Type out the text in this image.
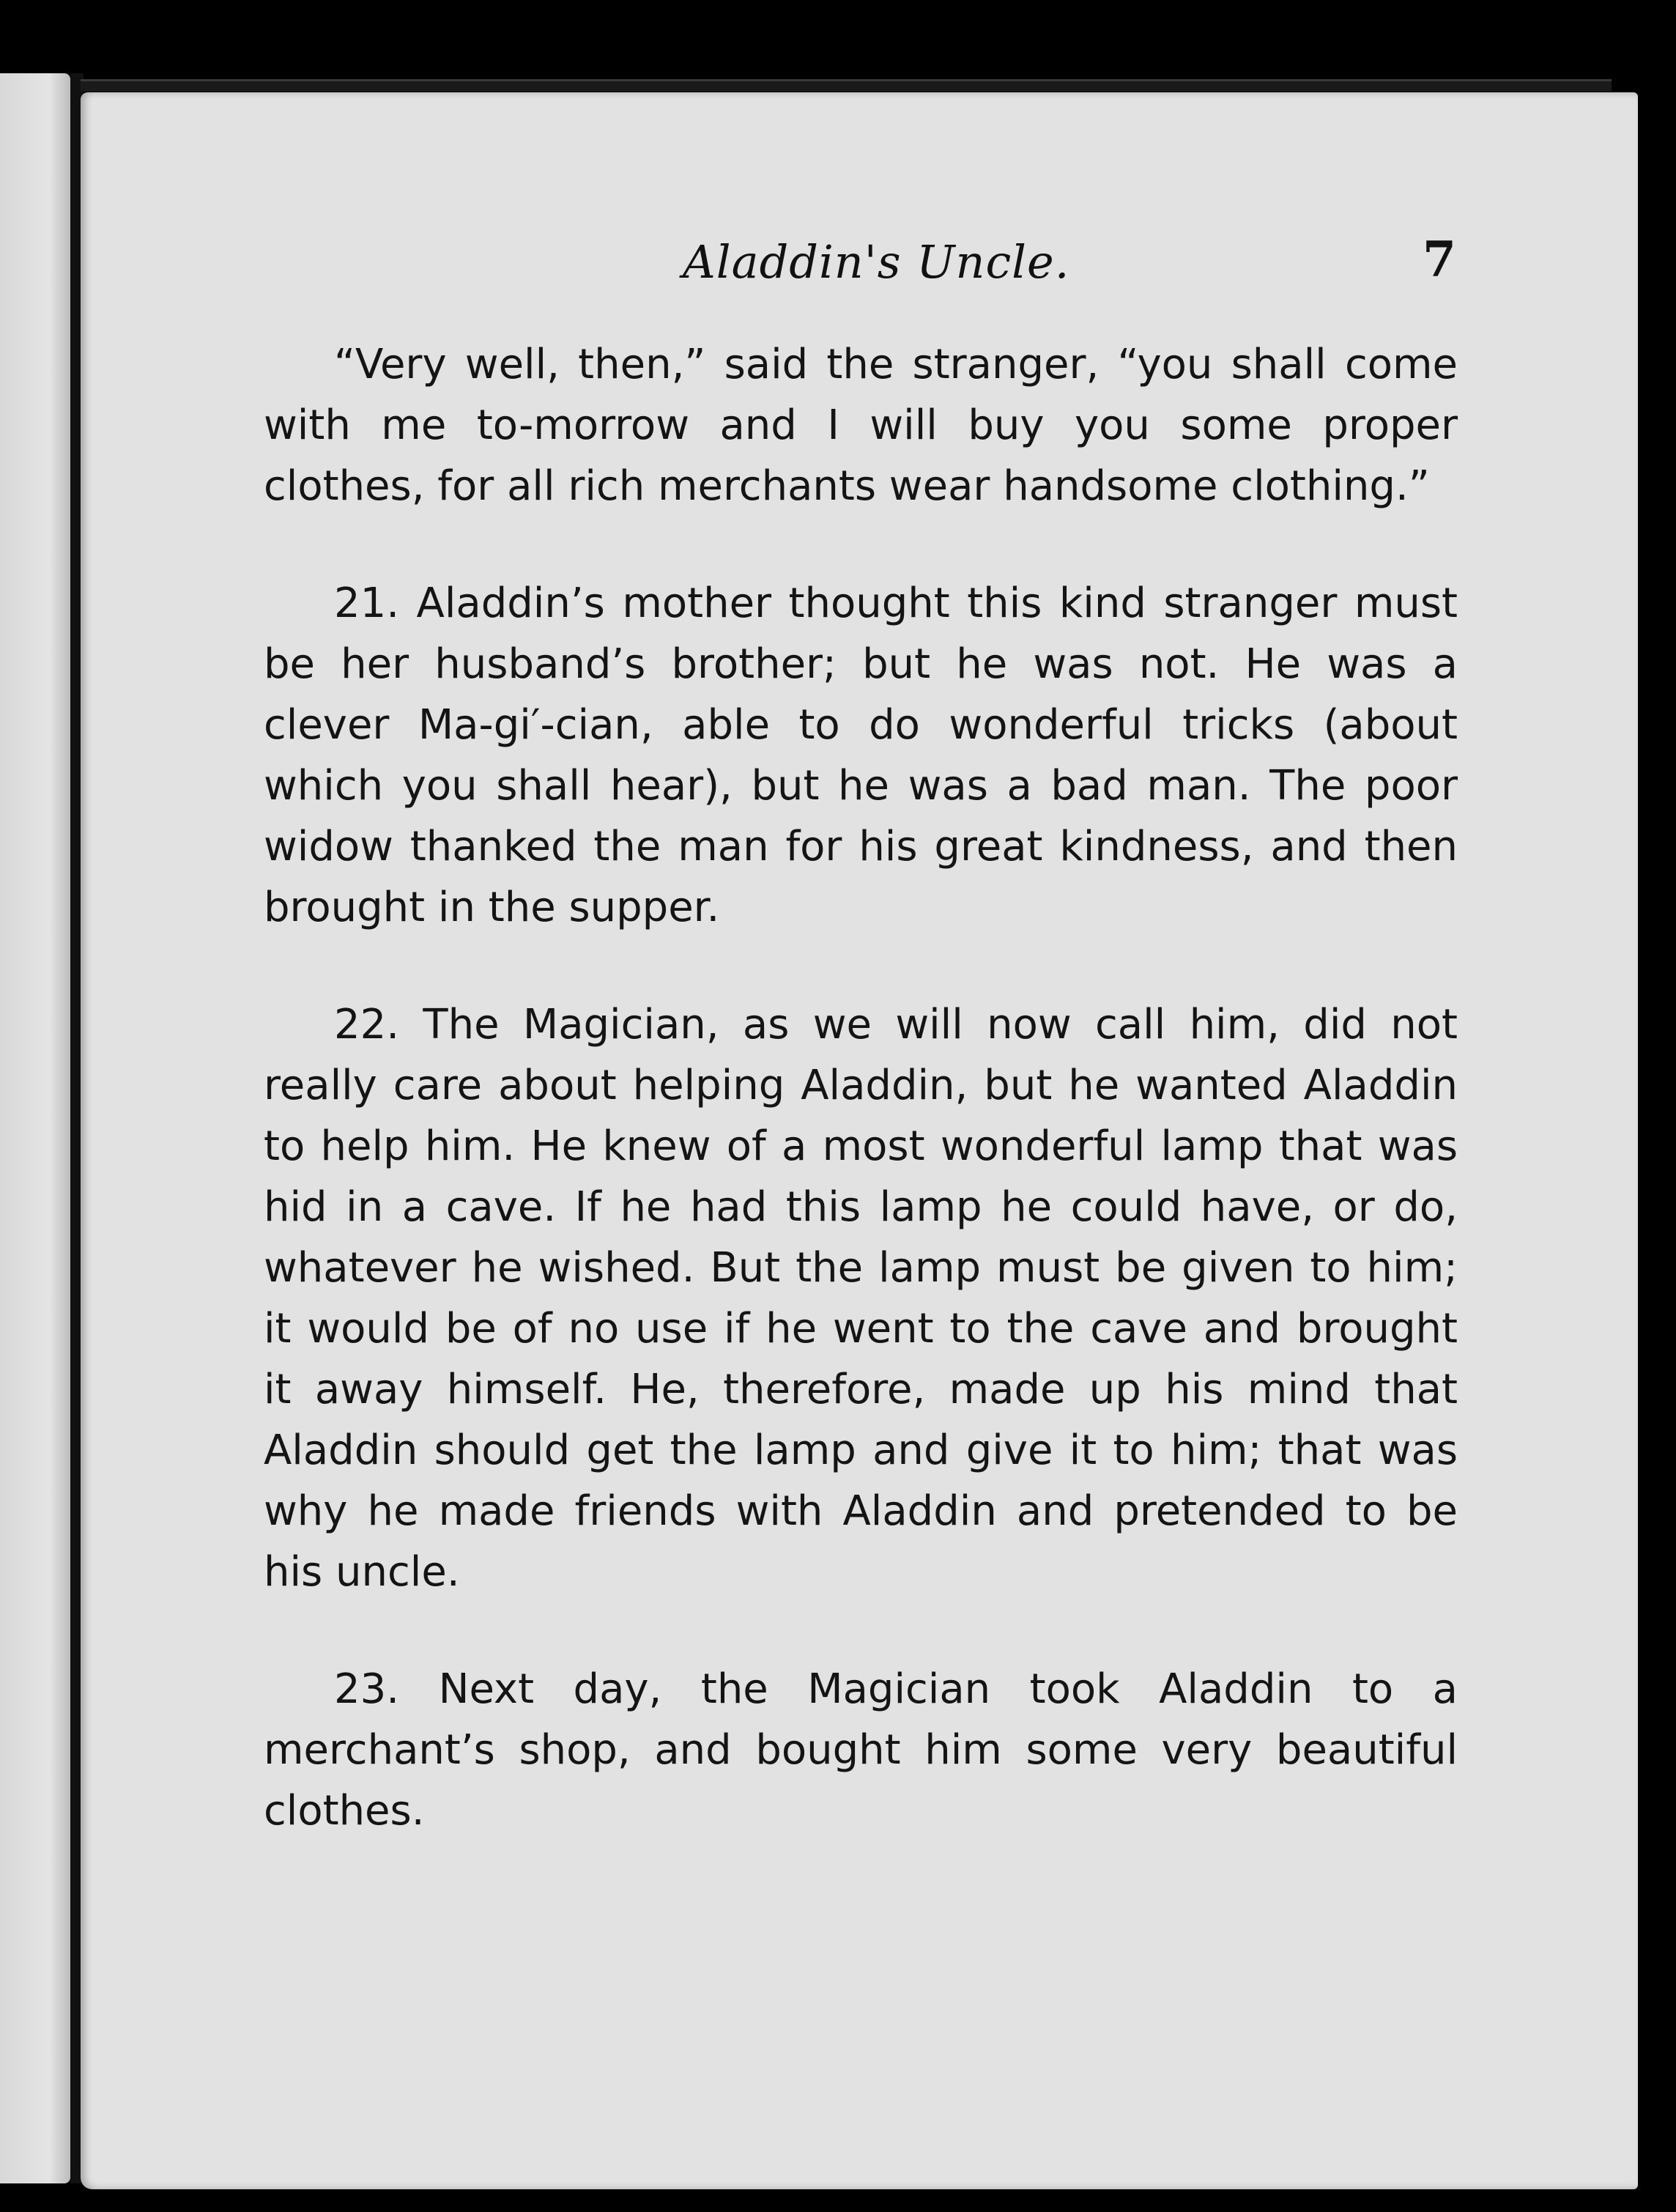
Aladdin's Uncle.	7

“Very well, then,” said the stranger, “you shall come with me to-morrow and I will buy you some proper clothes, for all rich merchants wear handsome clothing.”

21. Aladdin’s mother thought this kind stranger must be her husband’s brother; but he was not. He was a clever Ma-gi′-cian, able to do wonderful tricks (about which you shall hear), but he was a bad man. The poor widow thanked the man for his great kindness, and then brought in the supper.

22. The Magician, as we will now call him, did not really care about helping Aladdin, but he wanted Aladdin to help him. He knew of a most wonderful lamp that was hid in a cave. If he had this lamp he could have, or do, whatever he wished. But the lamp must be given to him; it would be of no use if he went to the cave and brought it away himself. He, therefore, made up his mind that Aladdin should get the lamp and give it to him; that was why he made friends with Aladdin and pretended to be his uncle.

23. Next day, the Magician took Aladdin to a merchant’s shop, and bought him some very beautiful clothes.
